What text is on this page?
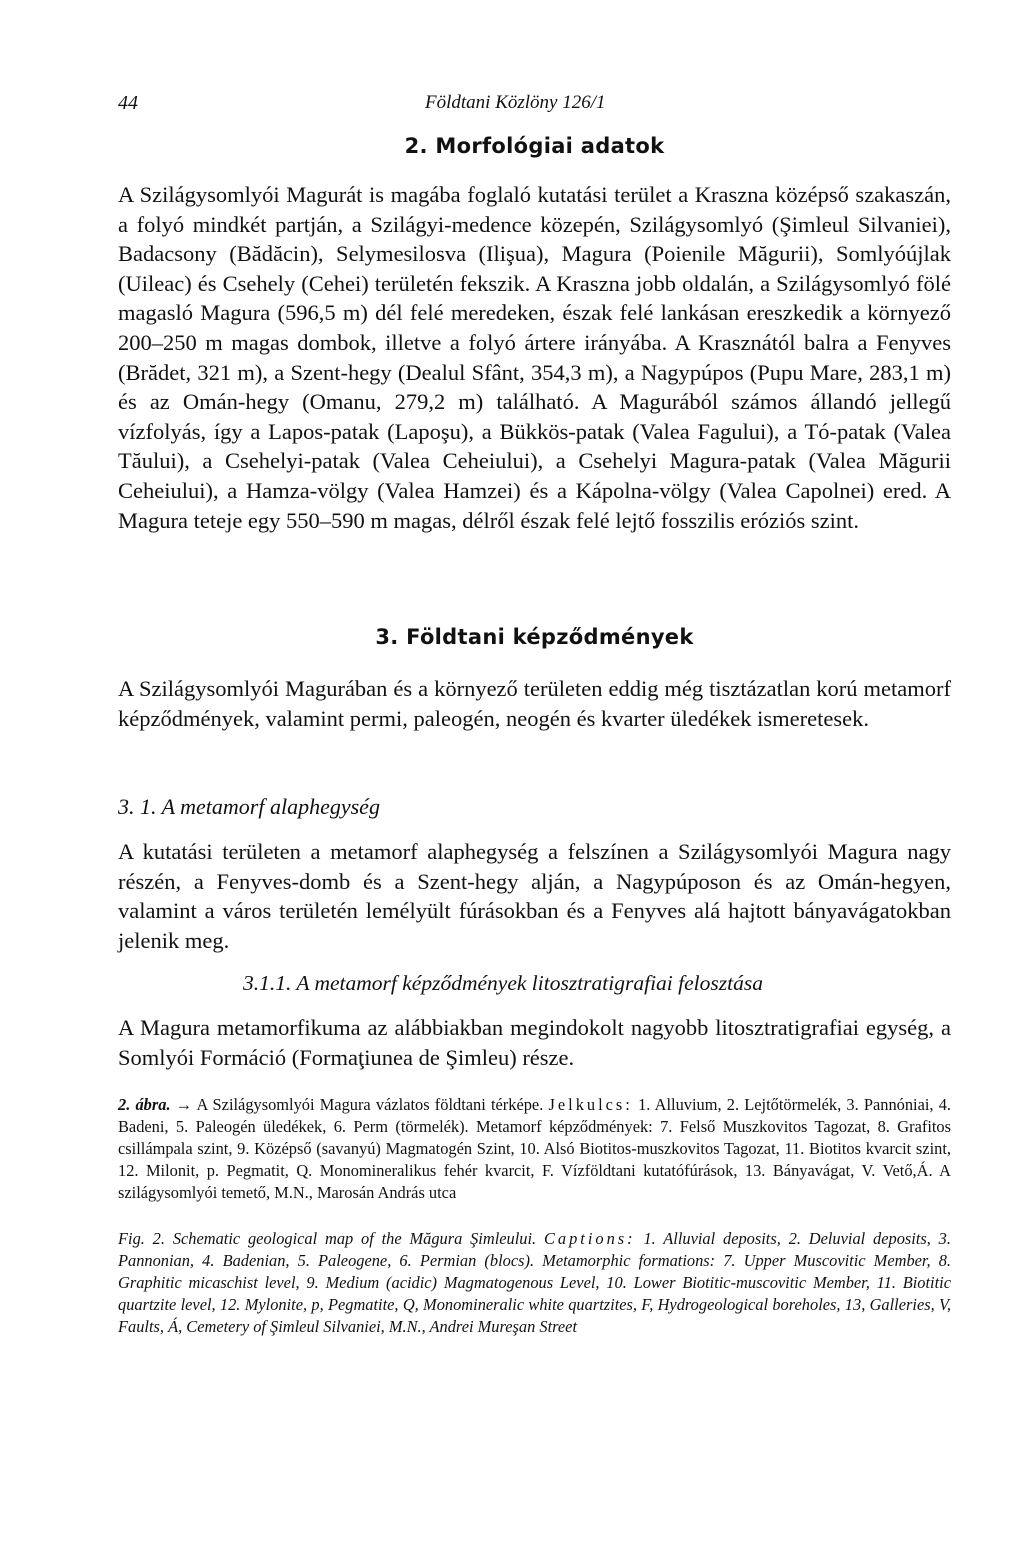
44	Földtani Közlöny 126/1
2. Morfológiai adatok

A Szilágysomlyói Magurát is magába foglaló kutatási terület a Kraszna középső szakaszán, a folyó mindkét partján, a Szilágyi-medence közepén, Szilágysomlyó (Şimleul Silvaniei), Badacsony (Bădăcin), Selymesilosva (Ilişua), Magura (Poienile Măgurii), Somlyóújlak (Uileac) és Csehely (Cehei) területén fekszik. A Kraszna jobb oldalán, a Szilágysomlyó fölé magasló Magura (596,5 m) dél felé meredeken, észak felé lankásan ereszkedik a környező 200–250 m magas dombok, illetve a folyó ártere irányába. A Krasznától balra a Fenyves (Brădet, 321 m), a Szent-hegy (Dealul Sfânt, 354,3 m), a Nagypúpos (Pupu Mare, 283,1 m) és az Omán-hegy (Omanu, 279,2 m) található. A Magurából számos állandó jellegű vízfolyás, így a Lapos-patak (Lapoşu), a Bükkös-patak (Valea Fagului), a Tó-patak (Valea Tăului), a Csehelyi-patak (Valea Ceheiului), a Csehelyi Magura-patak (Valea Măgurii Ceheiului), a Hamza-völgy (Valea Hamzei) és a Kápolna-völgy (Valea Capolnei) ered. A Magura teteje egy 550–590 m magas, délről észak felé lejtő fosszilis eróziós szint.

3. Földtani képződmények

A Szilágysomlyói Magurában és a környező területen eddig még tisztázatlan korú metamorf képződmények, valamint permi, paleogén, neogén és kvarter üledékek ismeretesek.

3. 1. A metamorf alaphegység

A kutatási területen a metamorf alaphegység a felszínen a Szilágysomlyói Magura nagy részén, a Fenyves-domb és a Szent-hegy alján, a Nagypúposon és az Omán-hegyen, valamint a város területén lemélyült fúrásokban és a Fenyves alá hajtott bányavágatokban jelenik meg.

3.1.1. A metamorf képződmények litosztratigrafiai felosztása

A Magura metamorfikuma az alábbiakban megindokolt nagyobb litosztratigrafiai egység, a Somlyói Formáció (Formaţiunea de Şimleu) része.

2. ábra. → A Szilágysomlyói Magura vázlatos földtani térképe. Jelkulcs: 1. Alluvium, 2. Lejtőtörmelék, 3. Pannóniai, 4. Badeni, 5. Paleogén üledékek, 6. Perm (törmelék). Metamorf képződmények: 7. Felső Muszkovitos Tagozat, 8. Grafitos csillámpala szint, 9. Középső (savanyú) Magmatogén Szint, 10. Alsó Biotitos-muszkovitos Tagozat, 11. Biotitos kvarcit szint, 12. Milonit, p. Pegmatit, Q. Monomineralikus fehér kvarcit, F. Vízföldtani kutatófúrások, 13. Bányavágat, V. Vető,Á. A szilágysomlyói temető, M.N., Marosán András utca

Fig. 2. Schematic geological map of the Măgura Şimleului. Captions: 1. Alluvial deposits, 2. Deluvial deposits, 3. Pannonian, 4. Badenian, 5. Paleogene, 6. Permian (blocs). Metamorphic formations: 7. Upper Muscovitic Member, 8. Graphitic micaschist level, 9. Medium (acidic) Magmatogenous Level, 10. Lower Biotitic-muscovitic Member, 11. Biotitic quartzite level, 12. Mylonite, p, Pegmatite, Q, Monomineralic white quartzites, F, Hydrogeological boreholes, 13, Galleries, V, Faults, Á, Cemetery of Şimleul Silvaniei, M.N., Andrei Mureşan Street
